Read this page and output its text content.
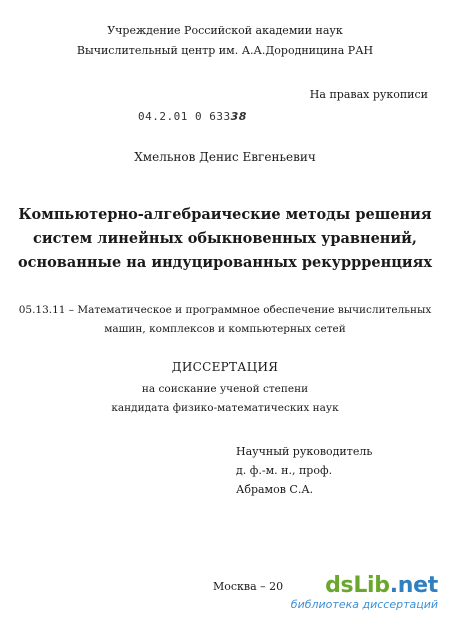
Учреждение Российской академии наук
Вычислительный центр им. А.А.Дородницина РАН
На правах рукописи
04.2.01 0 63338
Хмельнов Денис Евгеньевич
Компьютерно-алгебраические методы решения
систем линейных обыкновенных уравнений,
основанные на индуцированных рекуррренциях
05.13.11 – Математическое и программное обеспечение вычислительных
машин, комплексов и компьютерных сетей
ДИССЕРТАЦИЯ
на соискание ученой степени
кандидата физико-математических наук
Научный руководитель
д. ф.-м. н., проф.
Абрамов С.А.
Москва – 20	dsLib.net
библиотека диссертаций
